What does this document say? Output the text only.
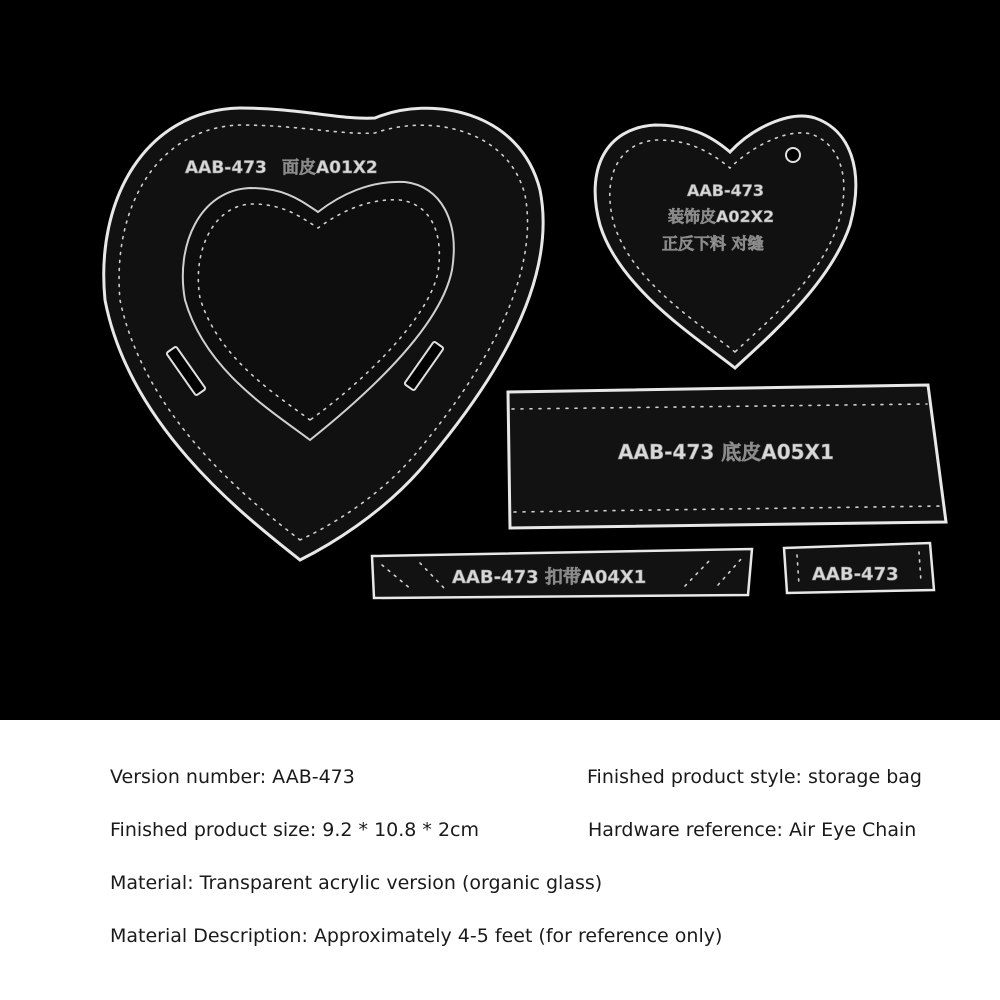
AAB-473 面皮A01X2
AAB-473
装饰皮A02X2
正反下料 对缝
AAB-473 底皮A05X1
AAB-473 扣带A04X1	AAB-473
Version number: AAB-473	Finished product style: storage bag
Finished product size: 9.2 * 10.8 * 2cm	Hardware reference: Air Eye Chain
Material: Transparent acrylic version (organic glass)
Material Description: Approximately 4-5 feet (for reference only)
